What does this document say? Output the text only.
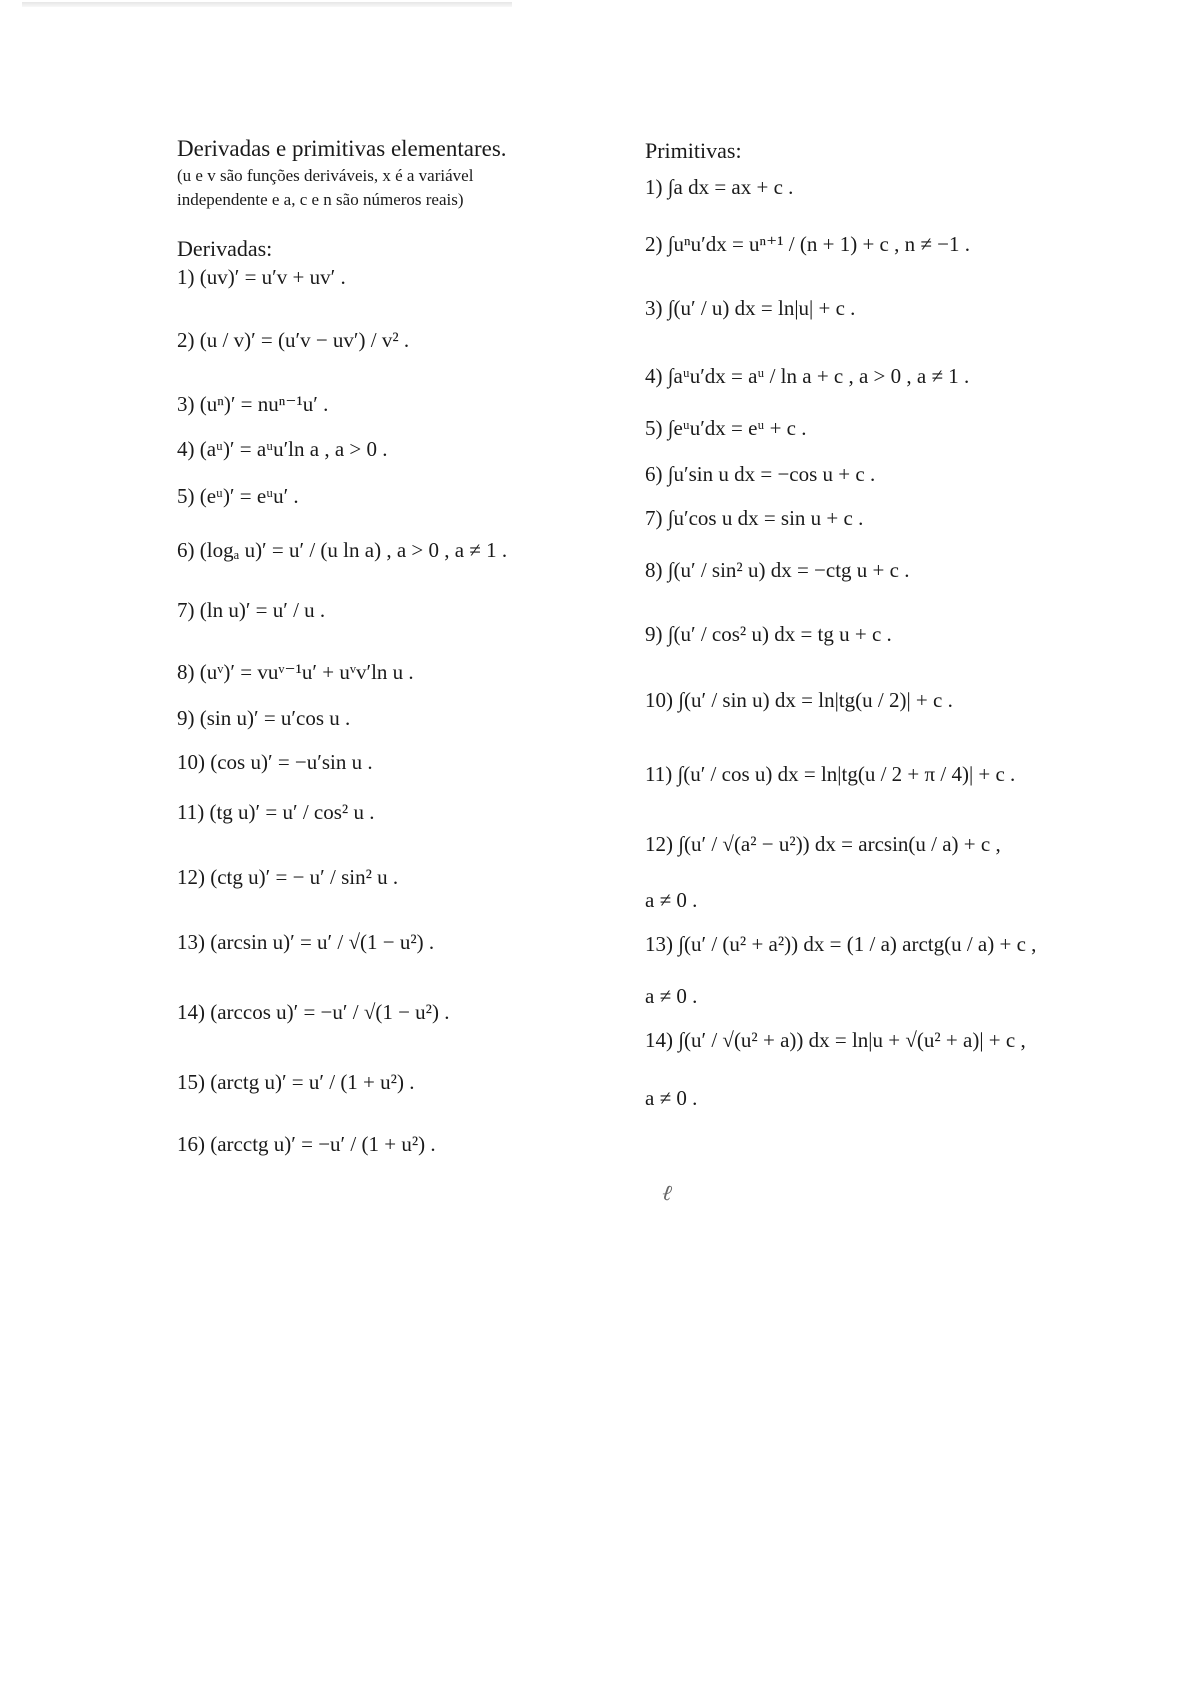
Derivadas e primitivas elementares.
(u e v são funções deriváveis, x é a variável
independente e a, c e n são números reais)
Derivadas:
1) (uv)′ = u′v + uv′ .
2) (u / v)′ = (u′v − uv′) / v² .
3) (uⁿ)′ = nuⁿ⁻¹u′ .
4) (aᵘ)′ = aᵘu′ln a , a > 0 .
5) (eᵘ)′ = eᵘu′ .
6) (logₐ u)′ = u′ / (u ln a) , a > 0 , a ≠ 1 .
7) (ln u)′ = u′ / u .
8) (uᵛ)′ = vuᵛ⁻¹u′ + uᵛv′ln u .
9) (sin u)′ = u′cos u .
10) (cos u)′ = −u′sin u .
11) (tg u)′ = u′ / cos² u .
12) (ctg u)′ = − u′ / sin² u .
13) (arcsin u)′ = u′ / √(1 − u²) .
14) (arccos u)′ = −u′ / √(1 − u²) .
15) (arctg u)′ = u′ / (1 + u²) .
16) (arcctg u)′ = −u′ / (1 + u²) .
Primitivas:
1) ∫a dx = ax + c .
2) ∫uⁿu′dx = uⁿ⁺¹ / (n + 1) + c , n ≠ −1 .
3) ∫(u′ / u) dx = ln|u| + c .
4) ∫aᵘu′dx = aᵘ / ln a + c , a > 0 , a ≠ 1 .
5) ∫eᵘu′dx = eᵘ + c .
6) ∫u′sin u dx = −cos u + c .
7) ∫u′cos u dx = sin u + c .
8) ∫(u′ / sin² u) dx = −ctg u + c .
9) ∫(u′ / cos² u) dx = tg u + c .
10) ∫(u′ / sin u) dx = ln|tg(u / 2)| + c .
11) ∫(u′ / cos u) dx = ln|tg(u / 2 + π / 4)| + c .
12) ∫(u′ / √(a² − u²)) dx = arcsin(u / a) + c ,
a ≠ 0 .
13) ∫(u′ / (u² + a²)) dx = (1 / a) arctg(u / a) + c ,
a ≠ 0 .
14) ∫(u′ / √(u² + a)) dx = ln|u + √(u² + a)| + c ,
a ≠ 0 .
ℓ
